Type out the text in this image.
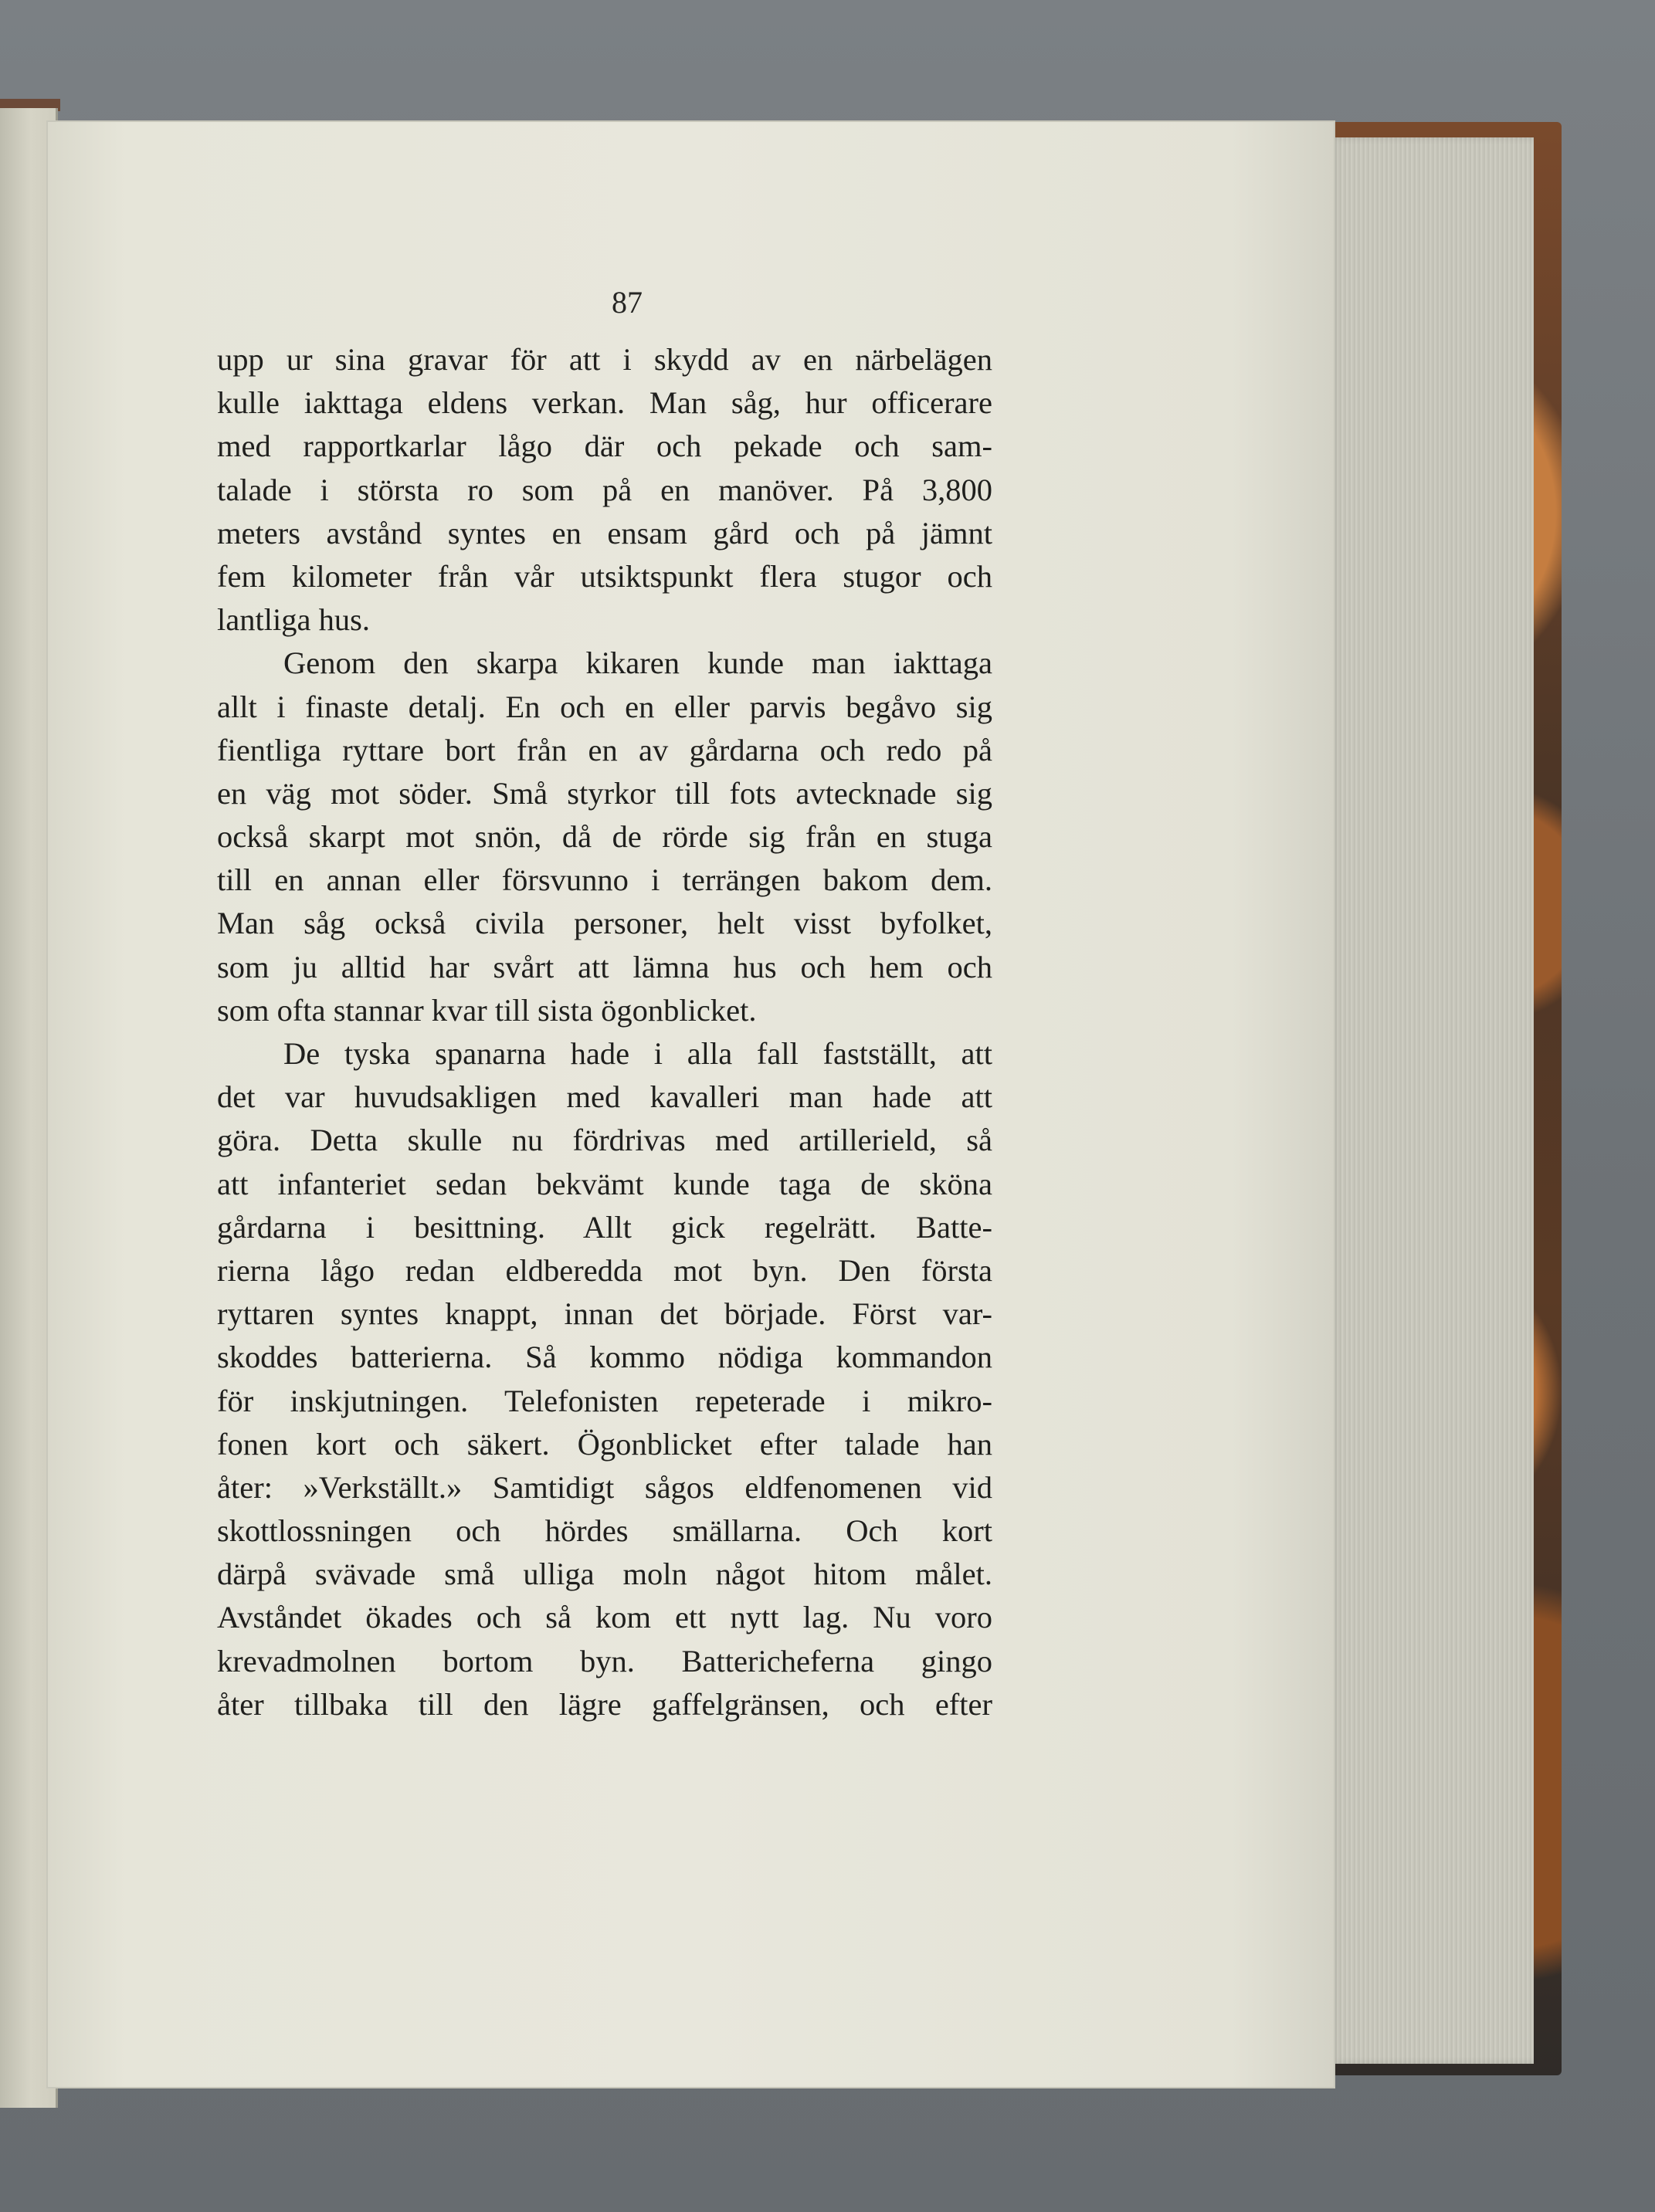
87

upp ur sina gravar för att i skydd av en närbelägen
kulle iakttaga eldens verkan. Man såg, hur officerare
med rapportkarlar lågo där och pekade och sam-
talade i största ro som på en manöver. På 3,800
meters avstånd syntes en ensam gård och på jämnt
fem kilometer från vår utsiktspunkt flera stugor och
lantliga hus.
Genom den skarpa kikaren kunde man iakttaga
allt i finaste detalj. En och en eller parvis begåvo sig
fientliga ryttare bort från en av gårdarna och redo på
en väg mot söder. Små styrkor till fots avtecknade sig
också skarpt mot snön, då de rörde sig från en stuga
till en annan eller försvunno i terrängen bakom dem.
Man såg också civila personer, helt visst byfolket,
som ju alltid har svårt att lämna hus och hem och
som ofta stannar kvar till sista ögonblicket.
De tyska spanarna hade i alla fall fastställt, att
det var huvudsakligen med kavalleri man hade att
göra. Detta skulle nu fördrivas med artillerield, så
att infanteriet sedan bekvämt kunde taga de sköna
gårdarna i besittning. Allt gick regelrätt. Batte-
rierna lågo redan eldberedda mot byn. Den första
ryttaren syntes knappt, innan det började. Först var-
skoddes batterierna. Så kommo nödiga kommandon
för inskjutningen. Telefonisten repeterade i mikro-
fonen kort och säkert. Ögonblicket efter talade han
åter: »Verkställt.» Samtidigt sågos eldfenomenen vid
skottlossningen och hördes smällarna. Och kort
därpå svävade små ulliga moln något hitom målet.
Avståndet ökades och så kom ett nytt lag. Nu voro
krevadmolnen bortom byn. Battericheferna gingo
åter tillbaka till den lägre gaffelgränsen, och efter
